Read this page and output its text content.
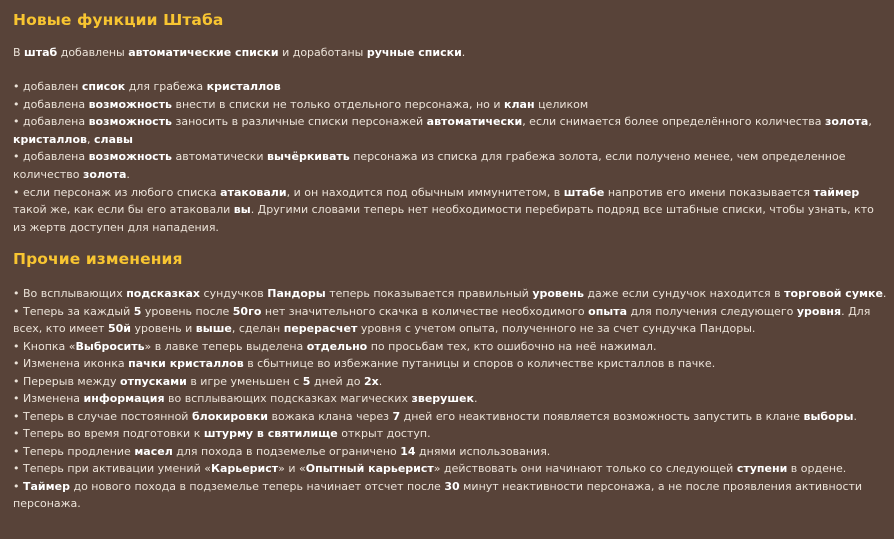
Новые функции Штаба

В штаб добавлены автоматические списки и доработаны ручные списки.

• добавлен список для грабежа кристаллов

• добавлена возможность внести в списки не только отдельного персонажа, но и клан целиком

• добавлена возможность заносить в различные списки персонажей автоматически, если снимается более определённого количества золота, кристаллов, славы

• добавлена возможность автоматически вычёркивать персонажа из списка для грабежа золота, если получено менее, чем определенное количество золота.

• если персонаж из любого списка атаковали, и он находится под обычным иммунитетом, в штабе напротив его имени показывается таймер такой же, как если бы его атаковали вы. Другими словами теперь нет необходимости перебирать подряд все штабные списки, чтобы узнать, кто из жертв доступен для нападения.

Прочие изменения

• Во всплывающих подсказках сундучков Пандоры теперь показывается правильный уровень даже если сундучок находится в торговой сумке.

• Теперь за каждый 5 уровень после 50го нет значительного скачка в количестве необходимого опыта для получения следующего уровня. Для всех, кто имеет 50й уровень и выше, сделан перерасчет уровня с учетом опыта, полученного не за счет сундучка Пандоры.

• Кнопка «Выбросить» в лавке теперь выделена отдельно по просьбам тех, кто ошибочно на неё нажимал.

• Изменена иконка пачки кристаллов в сбытнице во избежание путаницы и споров о количестве кристаллов в пачке.

• Перерыв между отпусками в игре уменьшен с 5 дней до 2х.

• Изменена информация во всплывающих подсказках магических зверушек.

• Теперь в случае постоянной блокировки вожака клана через 7 дней его неактивности появляется возможность запустить в клане выборы.

• Теперь во время подготовки к штурму в святилище открыт доступ.

• Теперь продление масел для похода в подземелье ограничено 14 днями использования.

• Теперь при активации умений «Карьерист» и «Опытный карьерист» действовать они начинают только со следующей ступени в ордене.

• Таймер до нового похода в подземелье теперь начинает отсчет после 30 минут неактивности персонажа, а не после проявления активности персонажа.
